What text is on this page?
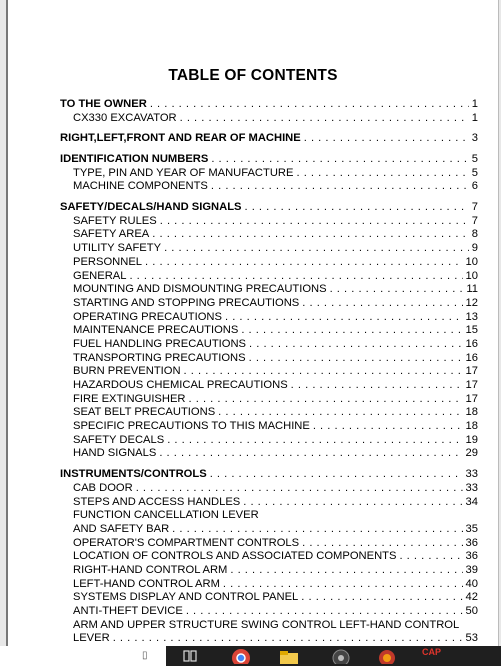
TABLE OF CONTENTS
TO THE OWNER . . .	1
CX330 EXCAVATOR . . .	1
RIGHT,LEFT,FRONT AND REAR OF MACHINE . . .	3
IDENTIFICATION NUMBERS . . .	5
TYPE, PIN AND YEAR OF MANUFACTURE . . .	5
MACHINE COMPONENTS . . .	6
SAFETY/DECALS/HAND SIGNALS . . .	7
SAFETY RULES . . .	7
SAFETY AREA . . .	8
UTILITY SAFETY . . .	9
PERSONNEL . . .	10
GENERAL . . .	10
MOUNTING AND DISMOUNTING PRECAUTIONS . . .	11
STARTING AND STOPPING PRECAUTIONS . . .	12
OPERATING PRECAUTIONS . . .	13
MAINTENANCE PRECAUTIONS . . .	15
FUEL HANDLING PRECAUTIONS . . .	16
TRANSPORTING PRECAUTIONS . . .	16
BURN PREVENTION . . .	17
HAZARDOUS CHEMICAL PRECAUTIONS . . .	17
FIRE EXTINGUISHER . . .	17
SEAT BELT PRECAUTIONS . . .	18
SPECIFIC PRECAUTIONS TO THIS MACHINE . . .	18
SAFETY DECALS . . .	19
HAND SIGNALS . . .	29
INSTRUMENTS/CONTROLS . . .	33
CAB DOOR . . .	33
STEPS AND ACCESS HANDLES . . .	34
FUNCTION CANCELLATION LEVER
AND SAFETY BAR . . .	35
OPERATOR'S COMPARTMENT CONTROLS . . .	36
LOCATION OF CONTROLS AND ASSOCIATED COMPONENTS . . .	36
RIGHT-HAND CONTROL ARM . . .	39
LEFT-HAND CONTROL ARM . . .	40
SYSTEMS DISPLAY AND CONTROL PANEL . . .	42
ANTI-THEFT DEVICE . . .	50
ARM AND UPPER STRUCTURE SWING CONTROL LEFT-HAND CONTROL
LEVER . . .	53
▯	CAP
